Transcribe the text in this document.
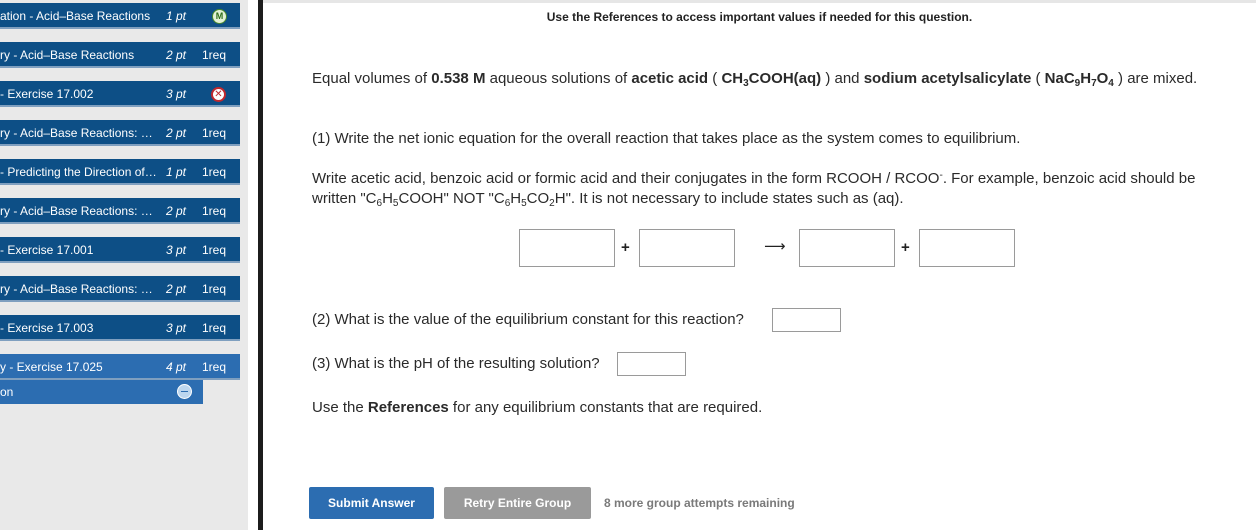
ation - Acid–Base Reactions	1 pt	M
ry - Acid–Base Reactions	2 pt 1req
- Exercise 17.002	3 pt	✕
ry - Acid–Base Reactions: …	2 pt 1req
- Predicting the Direction of… 1 pt 1req
ry - Acid–Base Reactions: …	2 pt 1req
- Exercise 17.001	3 pt 1req
ry - Acid–Base Reactions: …	2 pt 1req
- Exercise 17.003	3 pt 1req
y - Exercise 17.025	4 pt 1req
on
Use the References to access important values if needed for this question.
Equal volumes of 0.538 M aqueous solutions of acetic acid ( $CH_3COOH(aq)$ ) and sodium acetylsalicylate ( $NaC_9H_7O_4$ ) are mixed.
(1) Write the net ionic equation for the overall reaction that takes place as the system comes to equilibrium.
Write acetic acid, benzoic acid or formic acid and their conjugates in the form RCOOH / RCOO-. For example, benzoic acid should be written "$C_6H_5COOH$" NOT "$C_6H_5CO_2H$". It is not necessary to include states such as (aq).
+	⟶	+
(2) What is the value of the equilibrium constant for this reaction?
(3) What is the pH of the resulting solution?
Use the References for any equilibrium constants that are required.
Submit Answer	Retry Entire Group	8 more group attempts remaining
